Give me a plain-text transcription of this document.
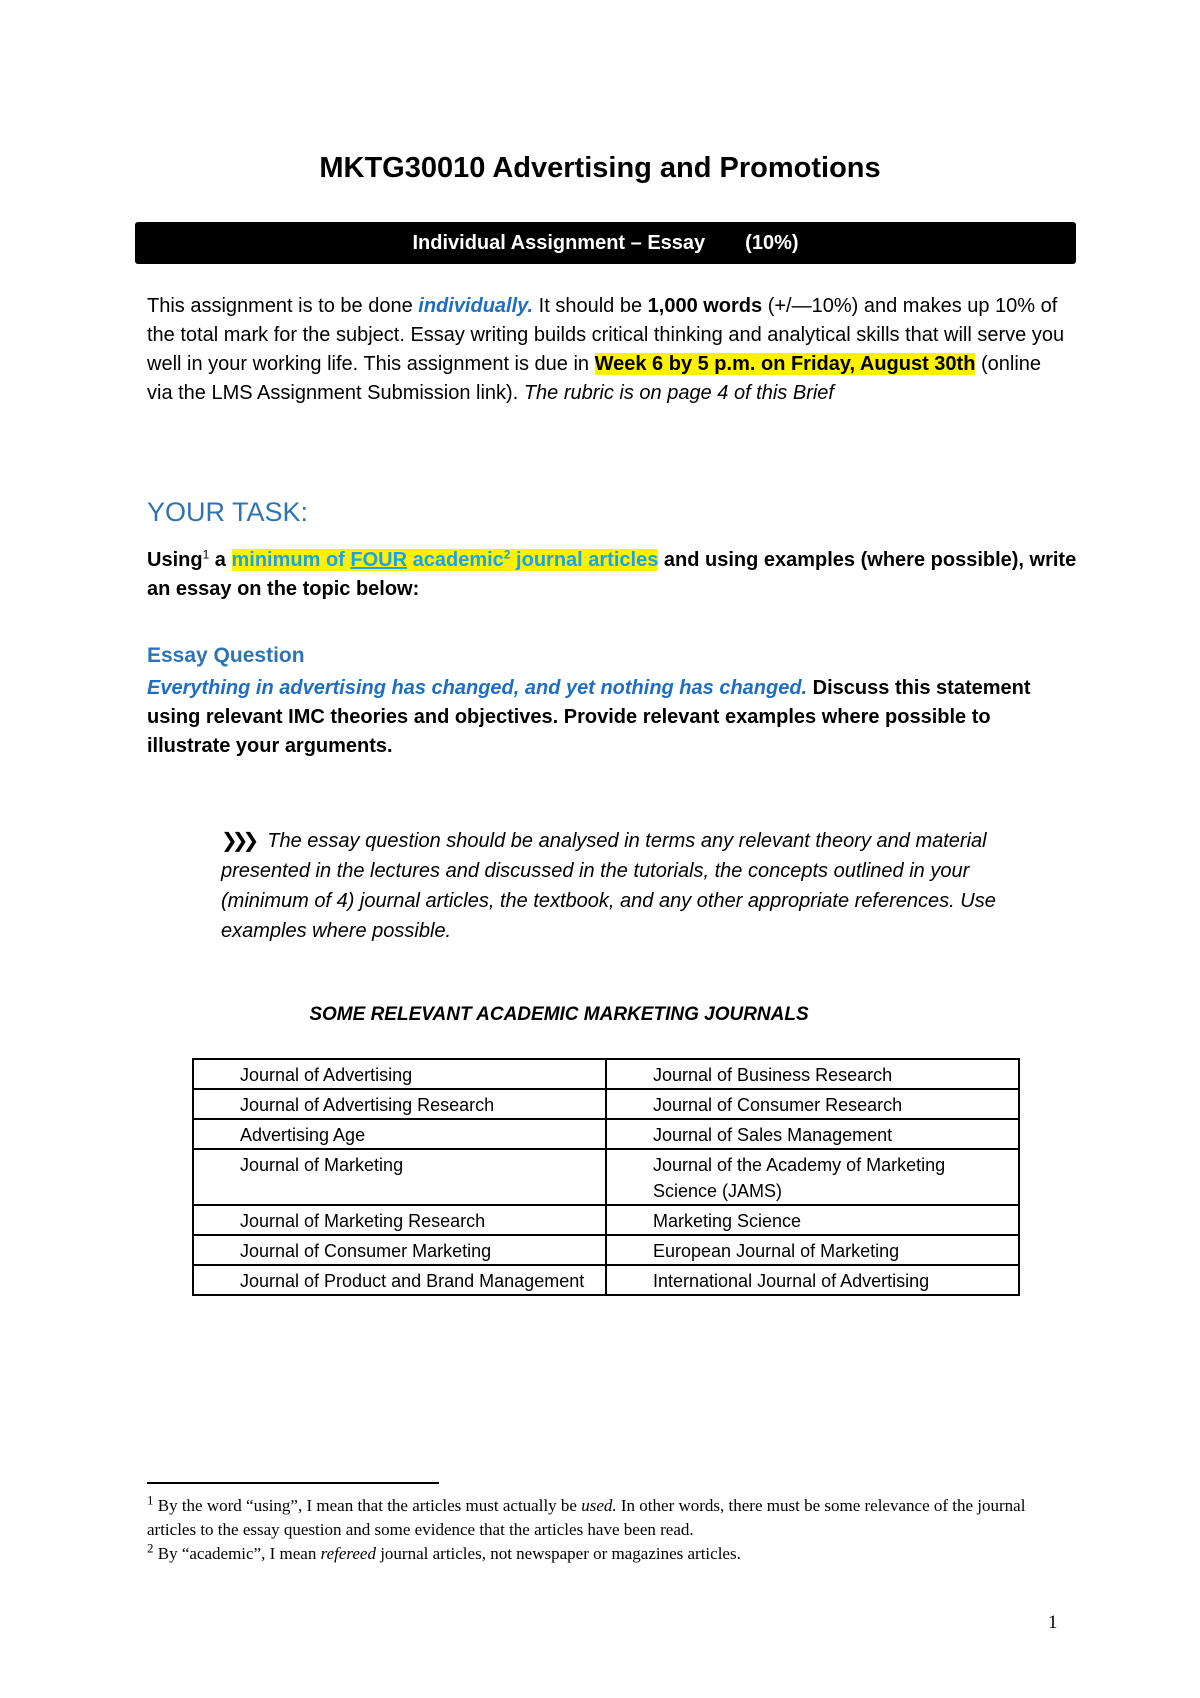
MKTG30010 Advertising and Promotions
Individual Assignment – Essay (10%)
This assignment is to be done individually. It should be 1,000 words (+/—10%) and makes up 10% of the total mark for the subject. Essay writing builds critical thinking and analytical skills that will serve you well in your working life. This assignment is due in Week 6 by 5 p.m. on Friday, August 30th (online via the LMS Assignment Submission link). The rubric is on page 4 of this Brief
YOUR TASK:
Using$^1$ a minimum of FOUR academic$^2$ journal articles and using examples (where possible), write an essay on the topic below:
Essay Question
Everything in advertising has changed, and yet nothing has changed. Discuss this statement using relevant IMC theories and objectives. Provide relevant examples where possible to illustrate your arguments.
❯❯❯ The essay question should be analysed in terms any relevant theory and material presented in the lectures and discussed in the tutorials, the concepts outlined in your (minimum of 4) journal articles, the textbook, and any other appropriate references. Use examples where possible.
SOME RELEVANT ACADEMIC MARKETING JOURNALS
Journal of Advertising	Journal of Business Research
Journal of Advertising Research	Journal of Consumer Research
Advertising Age	Journal of Sales Management
Journal of Marketing	Journal of the Academy of Marketing Science (JAMS)
Journal of Marketing Research	Marketing Science
Journal of Consumer Marketing	European Journal of Marketing
Journal of Product and Brand Management	International Journal of Advertising

$^1$ By the word “using”, I mean that the articles must actually be used. In other words, there must be some relevance of the journal articles to the essay question and some evidence that the articles have been read.

$^2$ By “academic”, I mean refereed journal articles, not newspaper or magazines articles.

1
